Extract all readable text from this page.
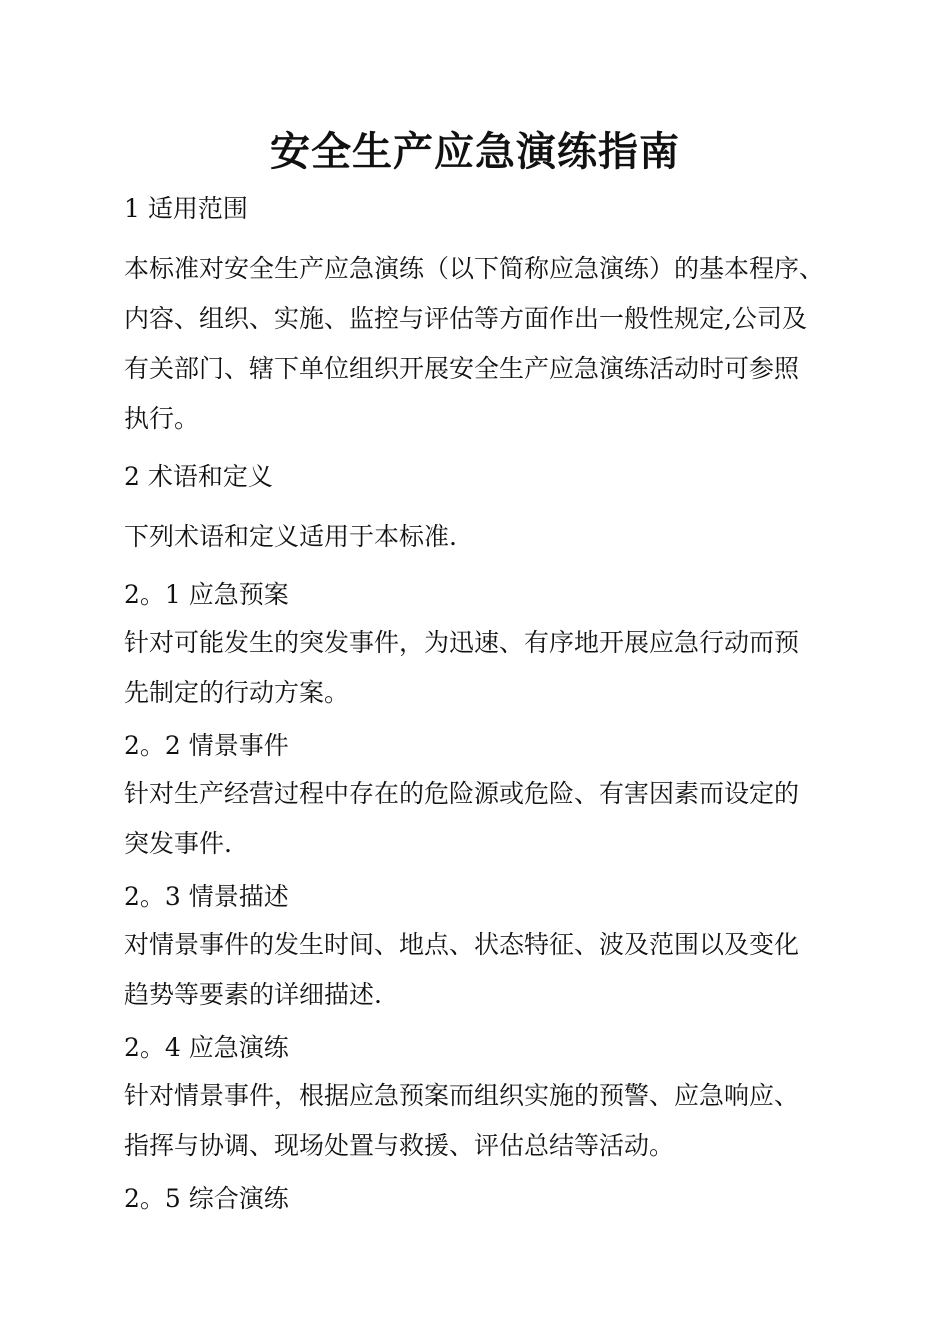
安全生产应急演练指南
1 适用范围
本标准对安全生产应急演练（以下简称应急演练）的基本程序、
内容、组织、实施、监控与评估等方面作出一般性规定,公司及
有关部门、辖下单位组织开展安全生产应急演练活动时可参照
执行。
2 术语和定义
下列术语和定义适用于本标准.
2。1 应急预案
针对可能发生的突发事件，为迅速、有序地开展应急行动而预
先制定的行动方案。
2。2 情景事件
针对生产经营过程中存在的危险源或危险、有害因素而设定的
突发事件.
2。3 情景描述
对情景事件的发生时间、地点、状态特征、波及范围以及变化
趋势等要素的详细描述.
2。4 应急演练
针对情景事件，根据应急预案而组织实施的预警、应急响应、
指挥与协调、现场处置与救援、评估总结等活动。
2。5 综合演练
